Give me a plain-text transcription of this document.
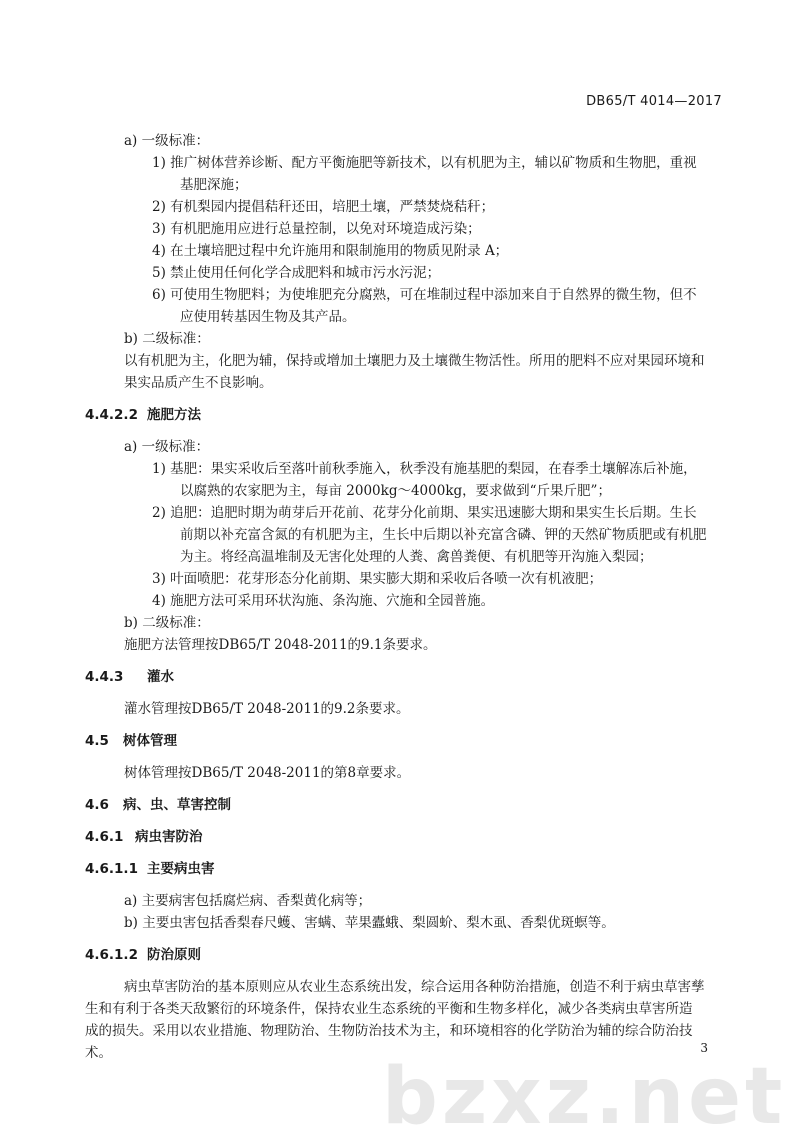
DB65/T 4014—2017
a) 一级标准：
1) 推广树体营养诊断、配方平衡施肥等新技术，以有机肥为主，辅以矿物质和生物肥，重视
基肥深施；
2) 有机梨园内提倡秸秆还田，培肥土壤，严禁焚烧秸秆；
3) 有机肥施用应进行总量控制，以免对环境造成污染；
4) 在土壤培肥过程中允许施用和限制施用的物质见附录 A；
5) 禁止使用任何化学合成肥料和城市污水污泥；
6) 可使用生物肥料；为使堆肥充分腐熟，可在堆制过程中添加来自于自然界的微生物，但不
应使用转基因生物及其产品。
b) 二级标准：
以有机肥为主，化肥为辅，保持或增加土壤肥力及土壤微生物活性。所用的肥料不应对果园环境和
果实品质产生不良影响。
4.4.2.2 施肥方法
a) 一级标准：
1) 基肥：果实采收后至落叶前秋季施入，秋季没有施基肥的梨园，在春季土壤解冻后补施，
以腐熟的农家肥为主，每亩 2000kg～4000kg，要求做到“斤果斤肥”；
2) 追肥：追肥时期为萌芽后开花前、花芽分化前期、果实迅速膨大期和果实生长后期。生长
前期以补充富含氮的有机肥为主，生长中后期以补充富含磷、钾的天然矿物质肥或有机肥
为主。将经高温堆制及无害化处理的人粪、禽兽粪便、有机肥等开沟施入梨园；
3) 叶面喷肥：花芽形态分化前期、果实膨大期和采收后各喷一次有机液肥；
4) 施肥方法可采用环状沟施、条沟施、穴施和全园普施。
b) 二级标准：
施肥方法管理按DB65/T 2048-2011的9.1条要求。
4.4.3 灌水
灌水管理按DB65/T 2048-2011的9.2条要求。
4.5 树体管理
树体管理按DB65/T 2048-2011的第8章要求。
4.6 病、虫、草害控制
4.6.1 病虫害防治
4.6.1.1 主要病虫害
a) 主要病害包括腐烂病、香梨黄化病等；
b) 主要虫害包括香梨春尺蠖、害螨、苹果蠹蛾、梨圆蚧、梨木虱、香梨优斑螟等。
4.6.1.2 防治原则
病虫草害防治的基本原则应从农业生态系统出发，综合运用各种防治措施，创造不利于病虫草害孳
生和有利于各类天敌繁衍的环境条件，保持农业生态系统的平衡和生物多样化，减少各类病虫草害所造
成的损失。采用以农业措施、物理防治、生物防治技术为主，和环境相容的化学防治为辅的综合防治技
术。	bzxz.net
3
